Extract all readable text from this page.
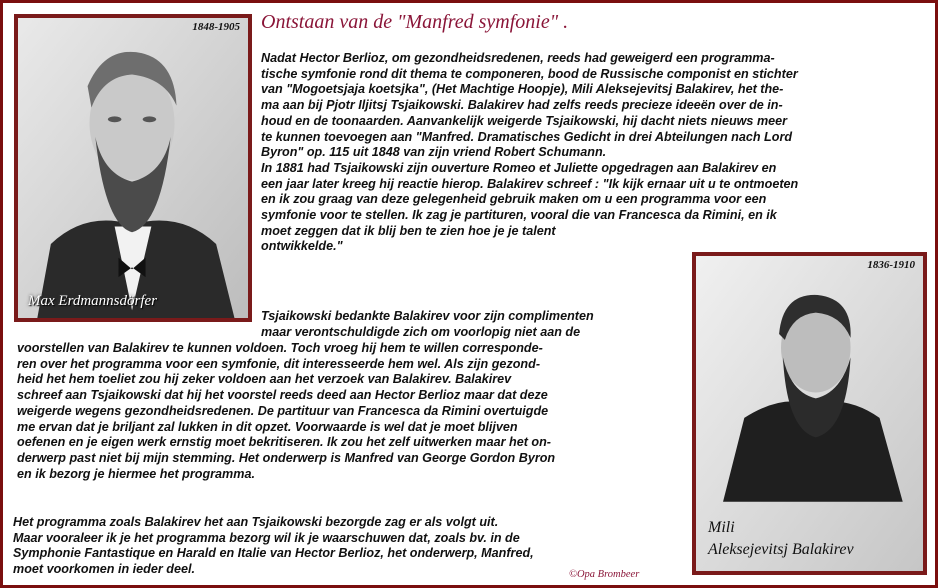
Ontstaan van de "Manfred symfonie" .
1848-1905
Max Erdmannsdörfer
1836-1910
Mili
Aleksejevitsj Balakirev

Nadat Hector Berlioz, om gezondheidsredenen, reeds had geweigerd een programma-

tische symfonie rond dit thema te componeren, bood de Russische componist en stichter

van "Mogoetsjaja koetsjka", (Het Machtige Hoopje), Mili Aleksejevitsj Balakirev, het the-

ma aan bij Pjotr Iljitsj Tsjaikowski. Balakirev had zelfs reeds precieze ideeën over de in-

houd en de toonaarden. Aanvankelijk weigerde Tsjaikowski, hij dacht niets nieuws meer

te kunnen toevoegen aan "Manfred. Dramatisches Gedicht in drei Abteilungen nach Lord

Byron" op. 115 uit 1848 van zijn vriend Robert Schumann.

In 1881 had Tsjaikowski zijn ouverture Romeo et Juliette opgedragen aan Balakirev en

een jaar later kreeg hij reactie hierop. Balakirev schreef : "Ik kijk ernaar uit u te ontmoeten

en ik zou graag van deze gelegenheid gebruik maken om u een programma voor een

symfonie voor te stellen. Ik zag je partituren, vooral die van Francesca da Rimini, en ik

moet zeggen dat ik blij ben te zien hoe je je talent

ontwikkelde."

Tsjaikowski bedankte Balakirev voor zijn complimenten

maar verontschuldigde zich om voorlopig niet aan de

voorstellen van Balakirev te kunnen voldoen. Toch vroeg hij hem te willen corresponde-

ren over het programma voor een symfonie, dit interesseerde hem wel. Als zijn gezond-

heid het hem toeliet zou hij zeker voldoen aan het verzoek van Balakirev. Balakirev

schreef aan Tsjaikowski dat hij het voorstel reeds deed aan Hector Berlioz maar dat deze

weigerde wegens gezondheidsredenen. De partituur van Francesca da Rimini overtuigde

me ervan dat je briljant zal lukken in dit opzet. Voorwaarde is wel dat je moet blijven

oefenen en je eigen werk ernstig moet bekritiseren. Ik zou het zelf uitwerken maar het on-

derwerp past niet bij mijn stemming. Het onderwerp is Manfred van George Gordon Byron

en ik bezorg je hiermee het programma.

Het programma zoals Balakirev het aan Tsjaikowski bezorgde zag er als volgt uit.

Maar vooraleer ik je het programma bezorg wil ik je waarschuwen dat, zoals bv. in de

Symphonie Fantastique en Harald en Italie van Hector Berlioz, het onderwerp, Manfred,

moet voorkomen in ieder deel.	©Opa Brombeer
